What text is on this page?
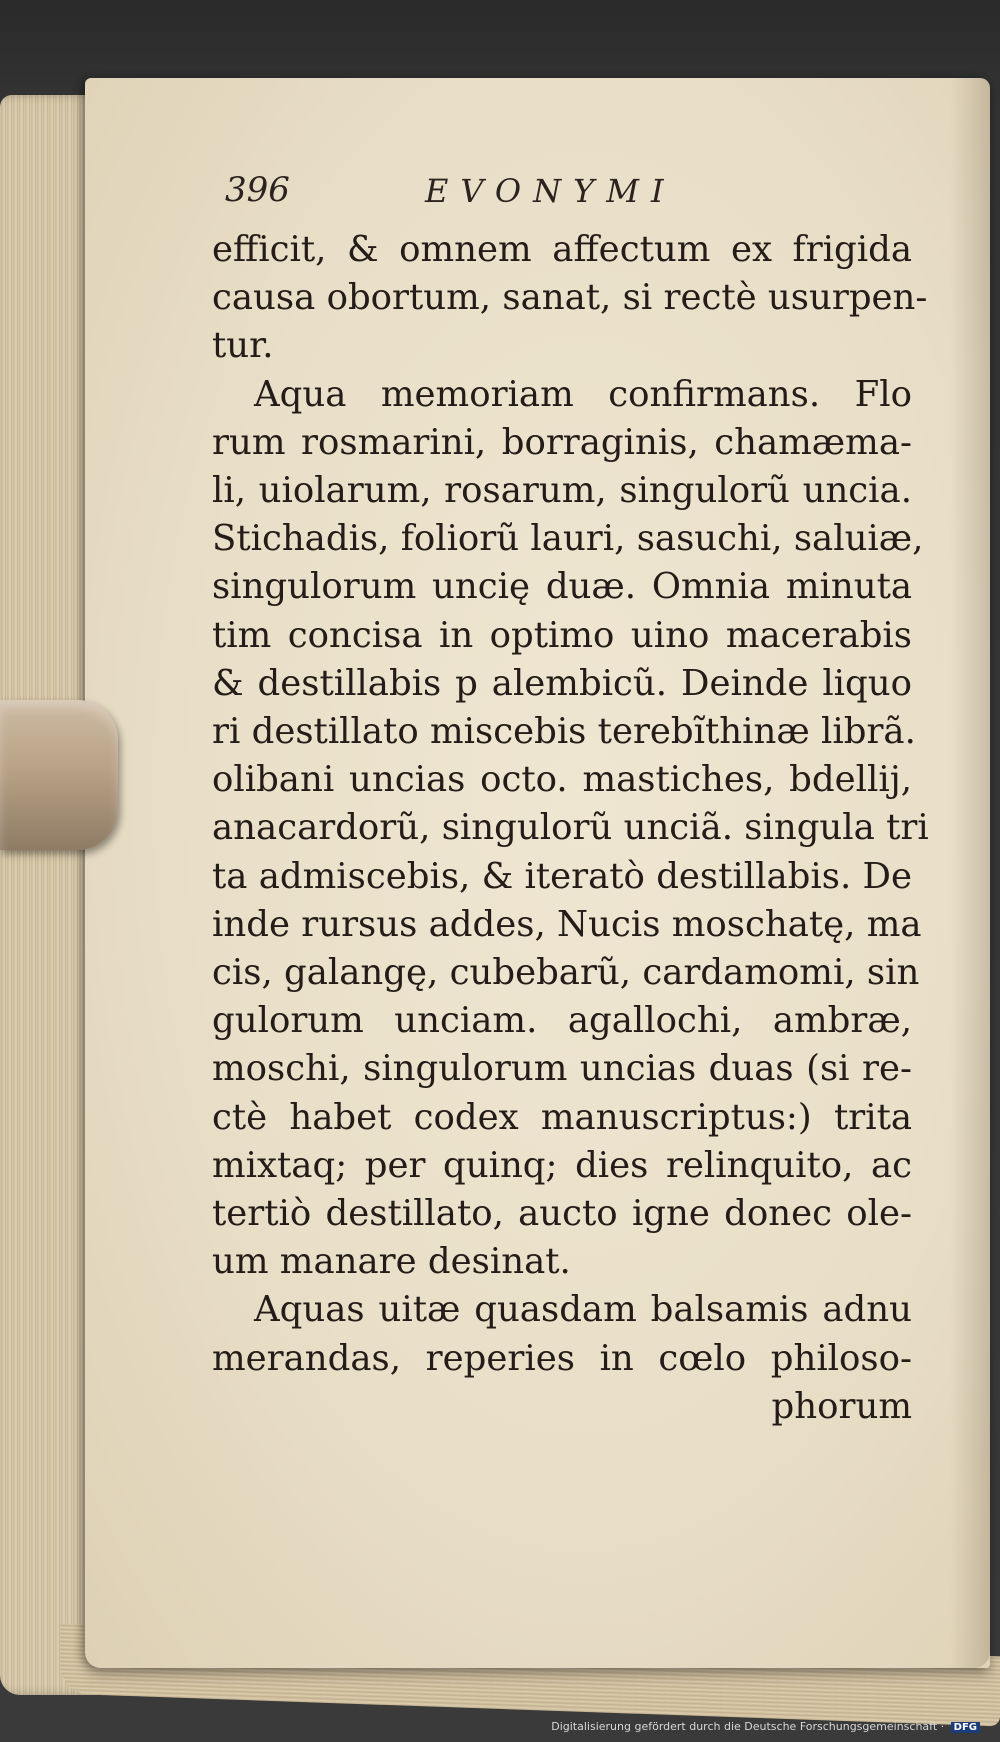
396	EVONYMI
efficit, & omnem affectum ex frigida
causa obortum, sanat, si rectè usurpen-
tur.
Aqua memoriam confirmans. Flo
rum rosmarini, borraginis, chamæma-
li, uiolarum, rosarum, singulorũ uncia.
Stichadis, foliorũ lauri, sasuchi, saluiæ,
singulorum uncię duæ. Omnia minuta
tim concisa in optimo uino macerabis
& destillabis p alembicũ. Deinde liquo
ri destillato miscebis terebĩthinæ librã.
olibani uncias octo. mastiches, bdellij,
anacardorũ, singulorũ unciã. singula tri
ta admiscebis, & iteratò destillabis. De
inde rursus addes, Nucis moschatę, ma
cis, galangę, cubebarũ, cardamomi, sin
gulorum unciam. agallochi, ambræ,
moschi, singulorum uncias duas (si re-
ctè habet codex manuscriptus:) trita
mixtaq; per quinq; dies relinquito, ac
tertiò destillato, aucto igne donec ole-
um manare desinat.
Aquas uitæ quasdam balsamis adnu
merandas, reperies in cœlo philoso-
phorum
Digitalisierung gefördert durch die Deutsche Forschungsgemeinschaft · DFG
